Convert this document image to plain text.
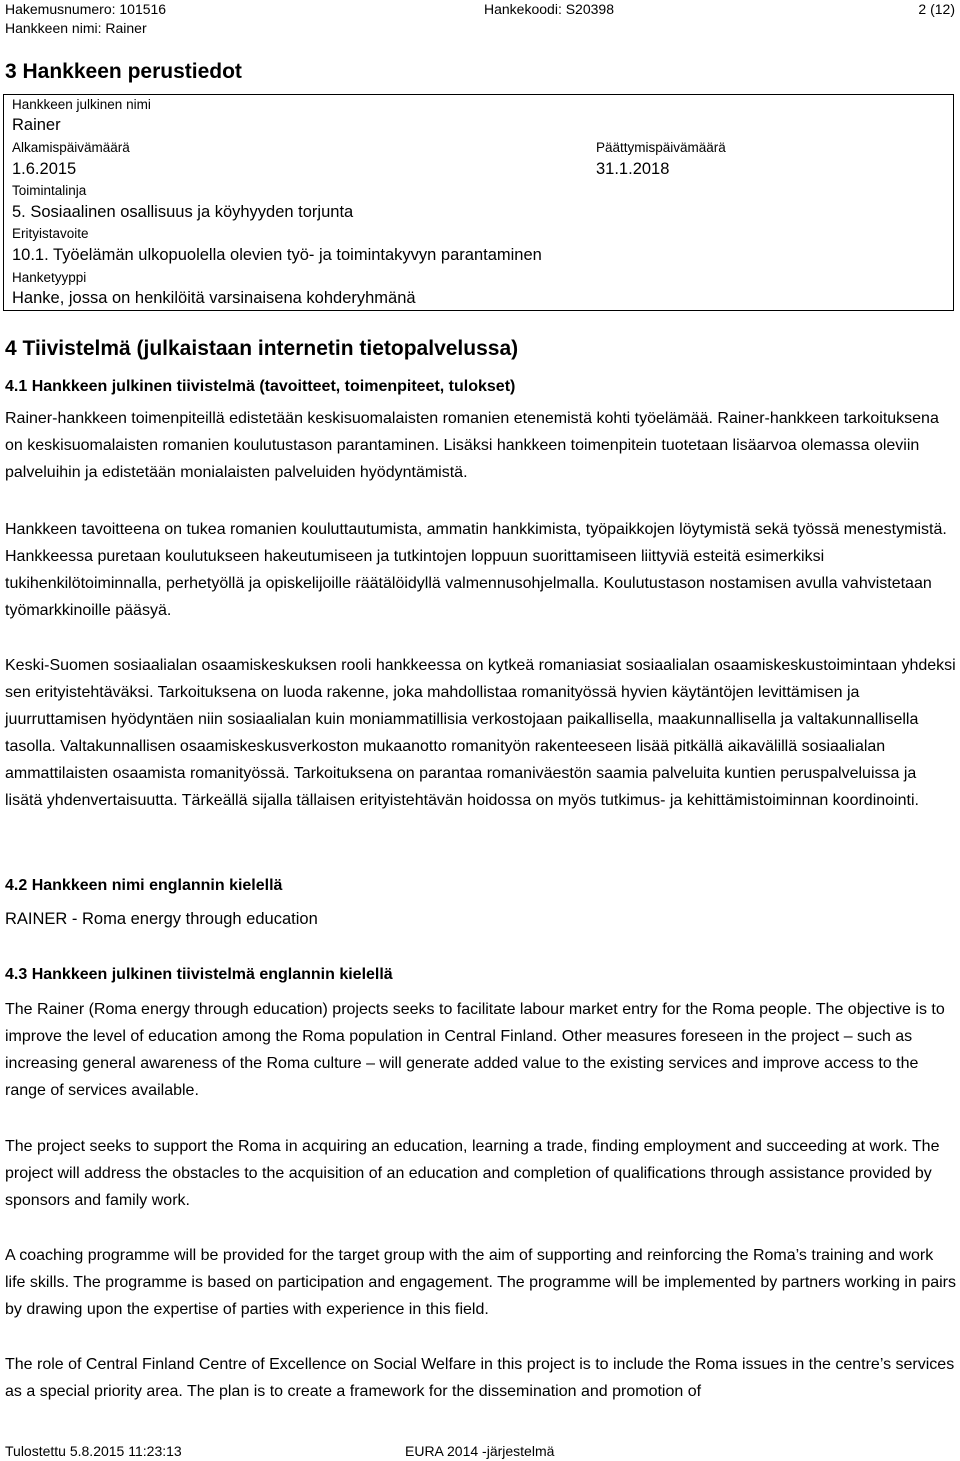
Hakemusnumero: 101516
Hankkeen nimi: Rainer
Hankekoodi: S20398	2 (12)
3 Hankkeen perustiedot
Hankkeen julkinen nimi
Rainer
Alkamispäivämäärä
1.6.2015
Päättymispäivämäärä
31.1.2018
Toimintalinja
5. Sosiaalinen osallisuus ja köyhyyden torjunta
Erityistavoite
10.1. Työelämän ulkopuolella olevien työ- ja toimintakyvyn parantaminen
Hanketyyppi
Hanke, jossa on henkilöitä varsinaisena kohderyhmänä
4 Tiivistelmä (julkaistaan internetin tietopalvelussa)
4.1 Hankkeen julkinen tiivistelmä (tavoitteet, toimenpiteet, tulokset)

Rainer-hankkeen toimenpiteillä edistetään keskisuomalaisten romanien etenemistä kohti työelämää. Rainer-hankkeen tarkoituksena on keskisuomalaisten romanien koulutustason parantaminen. Lisäksi hankkeen toimenpitein tuotetaan lisäarvoa olemassa oleviin palveluihin ja edistetään monialaisten palveluiden hyödyntämistä.

Hankkeen tavoitteena on tukea romanien kouluttautumista, ammatin hankkimista, työpaikkojen löytymistä sekä työssä menestymistä. Hankkeessa puretaan koulutukseen hakeutumiseen ja tutkintojen loppuun suorittamiseen liittyviä esteitä esimerkiksi tukihenkilötoiminnalla, perhetyöllä ja opiskelijoille räätälöidyllä valmennusohjelmalla. Koulutustason nostamisen avulla vahvistetaan työmarkkinoille pääsyä.

Keski-Suomen sosiaalialan osaamiskeskuksen rooli hankkeessa on kytkeä romaniasiat sosiaalialan osaamiskeskustoimintaan yhdeksi sen erityistehtäväksi. Tarkoituksena on luoda rakenne, joka mahdollistaa romanityössä hyvien käytäntöjen levittämisen ja juurruttamisen hyödyntäen niin sosiaalialan kuin moniammatillisia verkostojaan paikallisella, maakunnallisella ja valtakunnallisella tasolla. Valtakunnallisen osaamiskeskusverkoston mukaanotto romanityön rakenteeseen lisää pitkällä aikavälillä sosiaalialan ammattilaisten osaamista romanityössä. Tarkoituksena on parantaa romaniväestön saamia palveluita kuntien peruspalveluissa ja lisätä yhdenvertaisuutta. Tärkeällä sijalla tällaisen erityistehtävän hoidossa on myös tutkimus- ja kehittämistoiminnan koordinointi.

4.2 Hankkeen nimi englannin kielellä
RAINER - Roma energy through education
4.3 Hankkeen julkinen tiivistelmä englannin kielellä

The Rainer (Roma energy through education) projects seeks to facilitate labour market entry for the Roma people. The objective is to improve the level of education among the Roma population in Central Finland. Other measures foreseen in the project – such as increasing general awareness of the Roma culture – will generate added value to the existing services and improve access to the range of services available.

The project seeks to support the Roma in acquiring an education, learning a trade, finding employment and succeeding at work. The project will address the obstacles to the acquisition of an education and completion of qualifications through assistance provided by sponsors and family work.

A coaching programme will be provided for the target group with the aim of supporting and reinforcing the Roma’s training and work life skills. The programme is based on participation and engagement. The programme will be implemented by partners working in pairs by drawing upon the expertise of parties with experience in this field.

The role of Central Finland Centre of Excellence on Social Welfare in this project is to include the Roma issues in the centre’s services as a special priority area. The plan is to create a framework for the dissemination and promotion of

Tulostettu 5.8.2015 11:23:13	EURA 2014 -järjestelmä
